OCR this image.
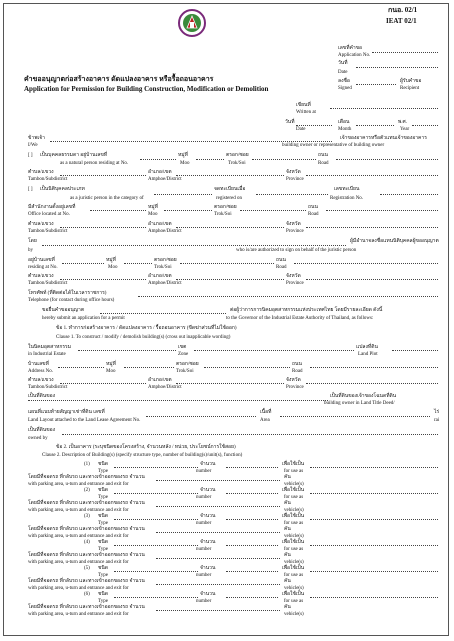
กนอ. 02/1
IEAT 02/1
เลขที่คำขอ
Application No.
วันที่
Date
ลงชื่อ
Signed
ผู้รับคำขอ
Recipient
คำขออนุญาตก่อสร้างอาคาร ดัดแปลงอาคาร หรือรื้อถอนอาคาร
Application for Permission for Building Construction, Modification or Demolition
เขียนที่
Written at
วันที่
Date
เดือน
Month
พ.ศ.
Year
ข้าพเจ้า
I/We
เจ้าของอาคารหรือตัวแทนเจ้าของอาคาร
building owner or representative of building owner
[ ] เป็นบุคคลธรรมดา อยู่บ้านเลขที่
as a natural person residing at No.
หมู่ที่
Moo
ตรอก/ซอย
Trok/Soi
ถนน
Road
ตำบล/แขวง
Tambon/Subdistrict
อำเภอ/เขต
Amphoe/District
จังหวัด
Province
[ ] เป็นนิติบุคคลประเภท
as a juristic person in the category of
จดทะเบียนเมื่อ
registered on
เลขทะเบียน
Registration No.
มีสำนักงานตั้งอยู่เลขที่
Office located at No.
หมู่ที่
Moo
ตรอก/ซอย
Trok/Soi
ถนน
Road
ตำบล/แขวง
Tambon/Subdistrict
อำเภอ/เขต
Amphoe/District
จังหวัด
Province
โดย
by
ผู้มีอำนาจลงชื่อแทนนิติบุคคลผู้ขออนุญาต
who is/are authorized to sign on behalf of the juristic person
อยู่บ้านเลขที่
residing at No.
หมู่ที่
Moo
ตรอก/ซอย
Trok/Soi
ถนน
Road
ตำบล/แขวง
Tambon/Subdistrict
อำเภอ/เขต
Amphoe/District
จังหวัด
Province
โทรศัพท์ (ที่ติดต่อได้ในเวลาราชการ)
Telephone (for contact during office hours)
ขอยื่นคำขออนุญาต	ต่อผู้ว่าการการนิคมอุตสาหกรรมแห่งประเทศไทย โดยมีรายละเอียด ดังนี้
hereby submit an application for a permit	to the Governor of the Industrial Estate Authority of Thailand, as follows:
ข้อ 1. ทำการก่อสร้างอาคาร / ดัดแปลงอาคาร / รื้อถอนอาคาร (ขีดฆ่าส่วนที่ไม่ใช้ออก)
Clause 1. To construct / modify / demolish building(s) (cross out inapplicable wording)
ในนิคมอุตสาหกรรม
in Industrial Estate
เขต
Zone
แปลงที่ดิน
Land Plot
บ้านเลขที่
Address No.
หมู่ที่
Moo
ตรอก/ซอย
Trok/Soi
ถนน
Road
ตำบล/แขวง
Tambon/Subdistrict
อำเภอ/เขต
Amphoe/District
จังหวัด
Province
เป็นที่ดินของ	เป็นที่ดินของเจ้าของโฉนดที่ดิน
building owner in Land Title Deed/
แผนที่แนบท้ายสัญญาเช่าที่ดิน เลขที่
Land Layout attached to the Land Lease Agreement No.
เนื้อที่
Area
ไร่
rai
เป็นที่ดินของ
owned by
ข้อ 2. เป็นอาคาร (ระบุชนิดของโครงสร้าง, จำนวนหลัง / หน่วย, ประโยชน์การใช้สอย)
Clause 2. Description of Building(s) (specify structure type, number of building(s)/unit(s), function)
(1) ชนิด
Type
จำนวน
number
เพื่อใช้เป็น
for use as
โดยมีที่จอดรถ ที่กลับรถ และทางเข้าออกของรถ จำนวน
with parking area, u-turn and entrance and exit for
คัน
vehicle(s)
(2) ชนิด
Type
จำนวน
number
เพื่อใช้เป็น
for use as
โดยมีที่จอดรถ ที่กลับรถ และทางเข้าออกของรถ จำนวน
with parking area, u-turn and entrance and exit for
คัน
vehicle(s)
(3) ชนิด
Type
จำนวน
number
เพื่อใช้เป็น
for use as
โดยมีที่จอดรถ ที่กลับรถ และทางเข้าออกของรถ จำนวน
with parking area, u-turn and entrance and exit for
คัน
vehicle(s)
(4) ชนิด
Type
จำนวน
number
เพื่อใช้เป็น
for use as
โดยมีที่จอดรถ ที่กลับรถ และทางเข้าออกของรถ จำนวน
with parking area, u-turn and entrance and exit for
คัน
vehicle(s)
(5) ชนิด
Type
จำนวน
number
เพื่อใช้เป็น
for use as
โดยมีที่จอดรถ ที่กลับรถ และทางเข้าออกของรถ จำนวน
with parking area, u-turn and entrance and exit for
คัน
vehicle(s)
(6) ชนิด
Type
จำนวน
number
เพื่อใช้เป็น
for use as
โดยมีที่จอดรถ ที่กลับรถ และทางเข้าออกของรถ จำนวน
with parking area, u-turn and entrance and exit for
คัน
vehicle(s)
